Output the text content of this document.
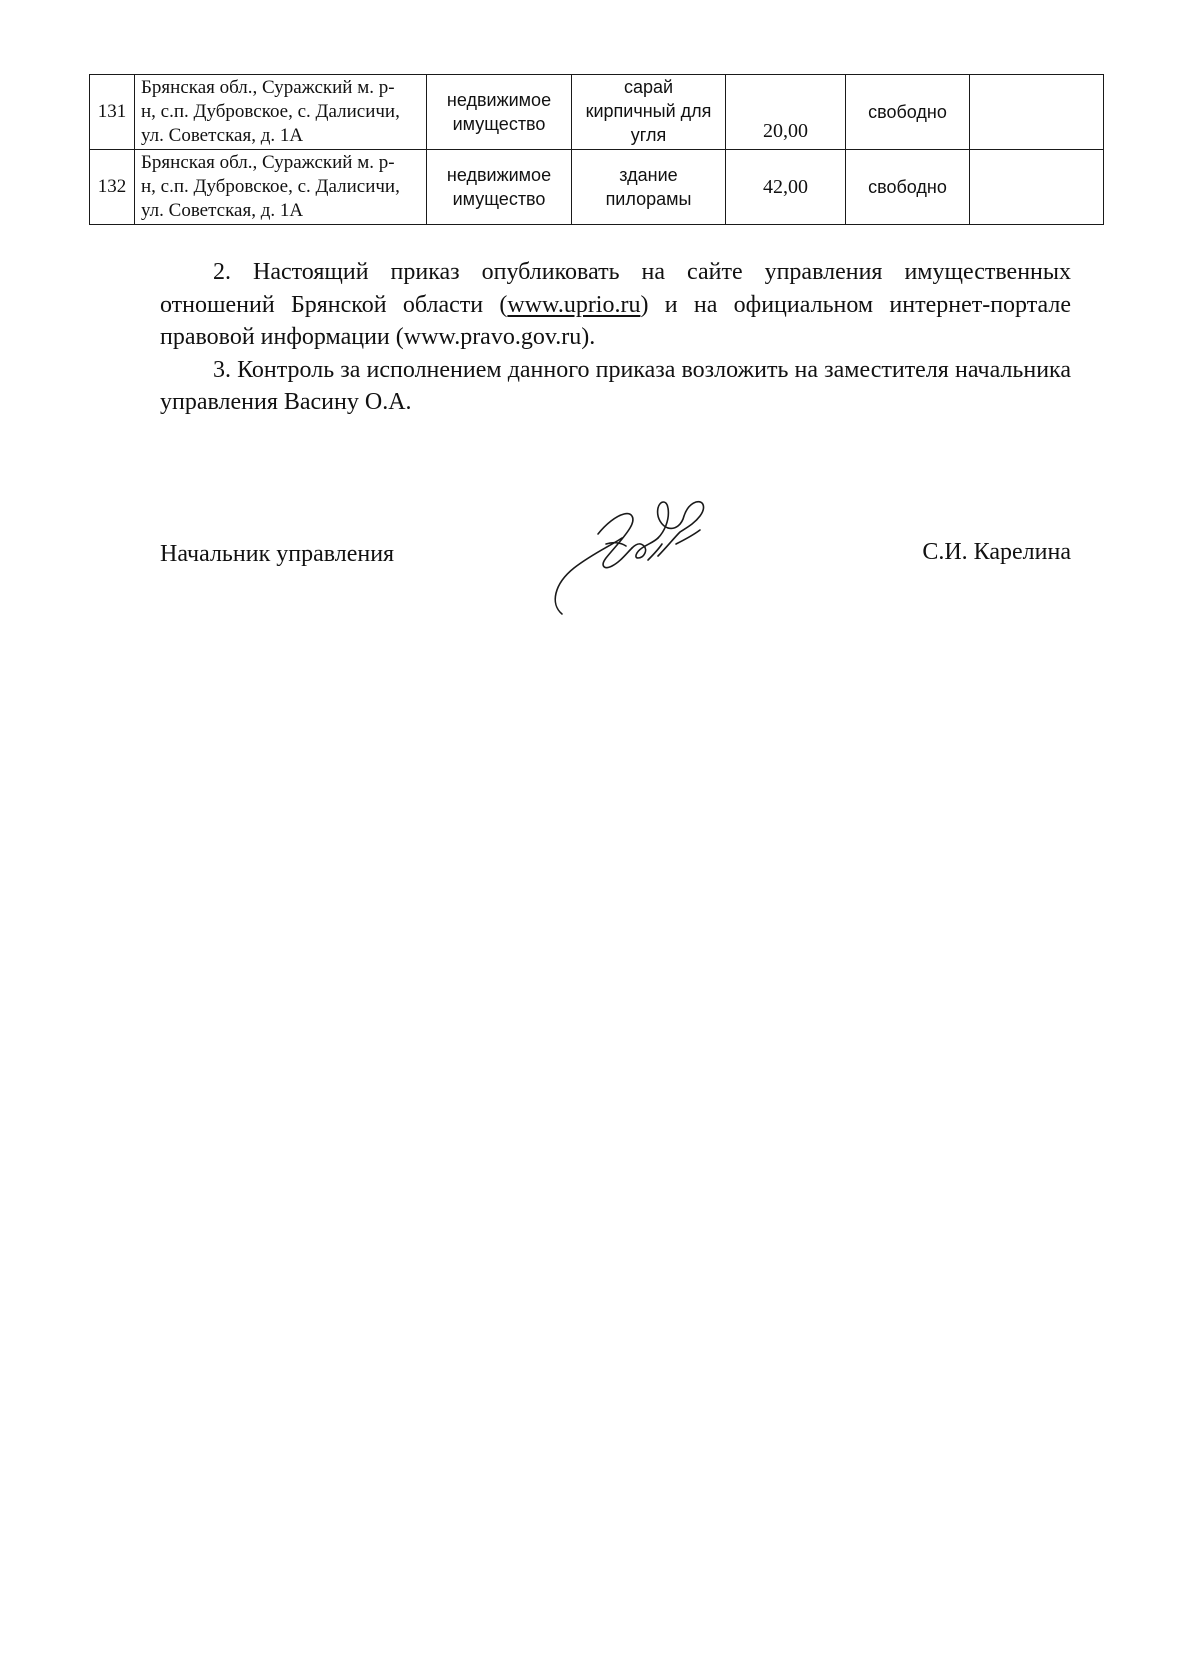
131	Брянская обл., Суражский м. р-
н, с.п. Дубровское, с. Далисичи,
ул. Советская, д. 1А	недвижимое
имущество	сарай
кирпичный для
угля	20,00	свободно	
132	Брянская обл., Суражский м. р-
н, с.п. Дубровское, с. Далисичи,
ул. Советская, д. 1А	недвижимое
имущество	здание
пилорамы	42,00	свободно	

2. Настоящий приказ опубликовать на сайте управления имущественных отношений Брянской области (www.uprio.ru) и на официальном интернет-портале правовой информации (www.pravo.gov.ru).

3. Контроль за исполнением данного приказа возложить на заместителя начальника управления Васину О.А.

Начальник управления	С.И. Карелина
